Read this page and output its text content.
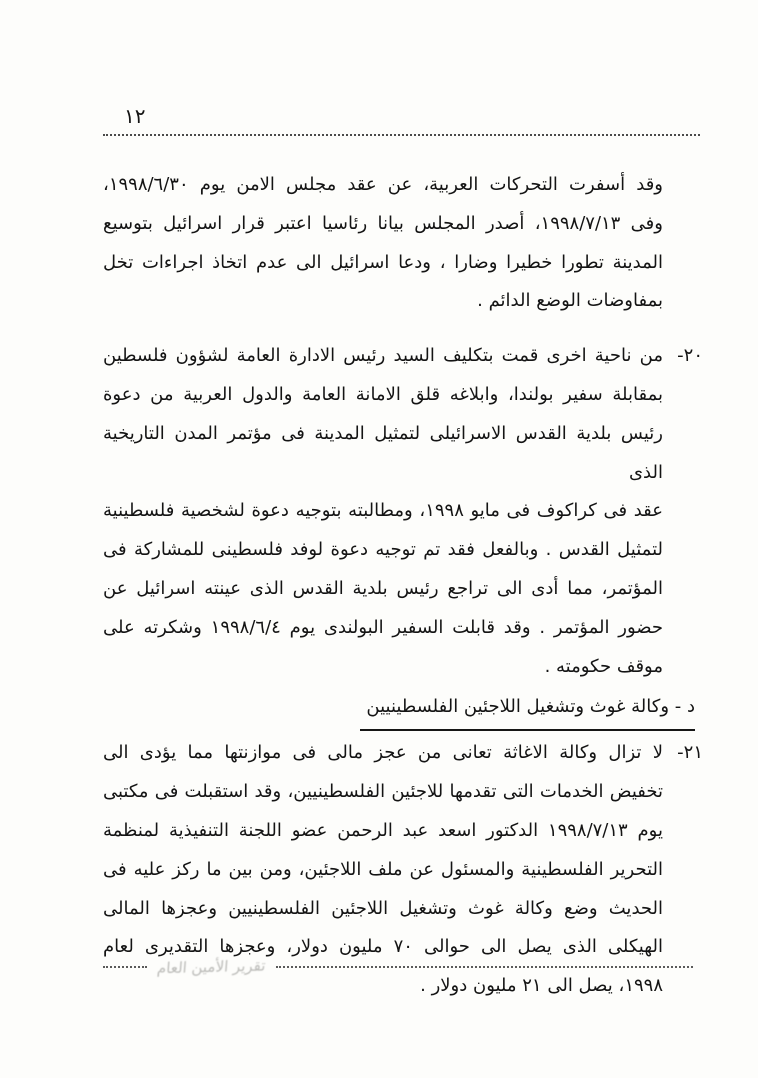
١٢
وقد أسفرت التحركات العربية، عن عقد مجلس الامن يوم ١٩٩٨/٦/٣٠،
وفى ١٩٩٨/٧/١٣، أصدر المجلس بيانا رئاسيا اعتبر قرار اسرائيل بتوسيع
المدينة تطورا خطيرا وضارا ، ودعا اسرائيل الى عدم اتخاذ اجراءات تخل
بمفاوضات الوضع الدائم .
٢٠-
من ناحية اخرى قمت بتكليف السيد رئيس الادارة العامة لشؤون فلسطين
بمقابلة سفير بولندا، وابلاغه قلق الامانة العامة والدول العربية من دعوة
رئيس بلدية القدس الاسرائيلى لتمثيل المدينة فى مؤتمر المدن التاريخية الذى
عقد فى كراكوف فى مايو ١٩٩٨، ومطالبته بتوجيه دعوة لشخصية فلسطينية
لتمثيل القدس . وبالفعل فقد تم توجيه دعوة لوفد فلسطينى للمشاركة فى
المؤتمر، مما أدى الى تراجع رئيس بلدية القدس الذى عينته اسرائيل عن
حضور المؤتمر . وقد قابلت السفير البولندى يوم ١٩٩٨/٦/٤ وشكرته على
موقف حكومته .
د - وكالة غوث وتشغيل اللاجئين الفلسطينيين
٢١-
لا تزال وكالة الاغاثة تعانى من عجز مالى فى موازنتها مما يؤدى الى
تخفيض الخدمات التى تقدمها للاجئين الفلسطينيين، وقد استقبلت فى مكتبى
يوم ١٩٩٨/٧/١٣ الدكتور اسعد عبد الرحمن عضو اللجنة التنفيذية لمنظمة
التحرير الفلسطينية والمسئول عن ملف اللاجئين، ومن بين ما ركز عليه فى
الحديث وضع وكالة غوث وتشغيل اللاجئين الفلسطينيين وعجزها المالى
الهيكلى الذى يصل الى حوالى ٧٠ مليون دولار، وعجزها التقديرى لعام
١٩٩٨، يصل الى ٢١ مليون دولار .
تقرير الأمين العام
